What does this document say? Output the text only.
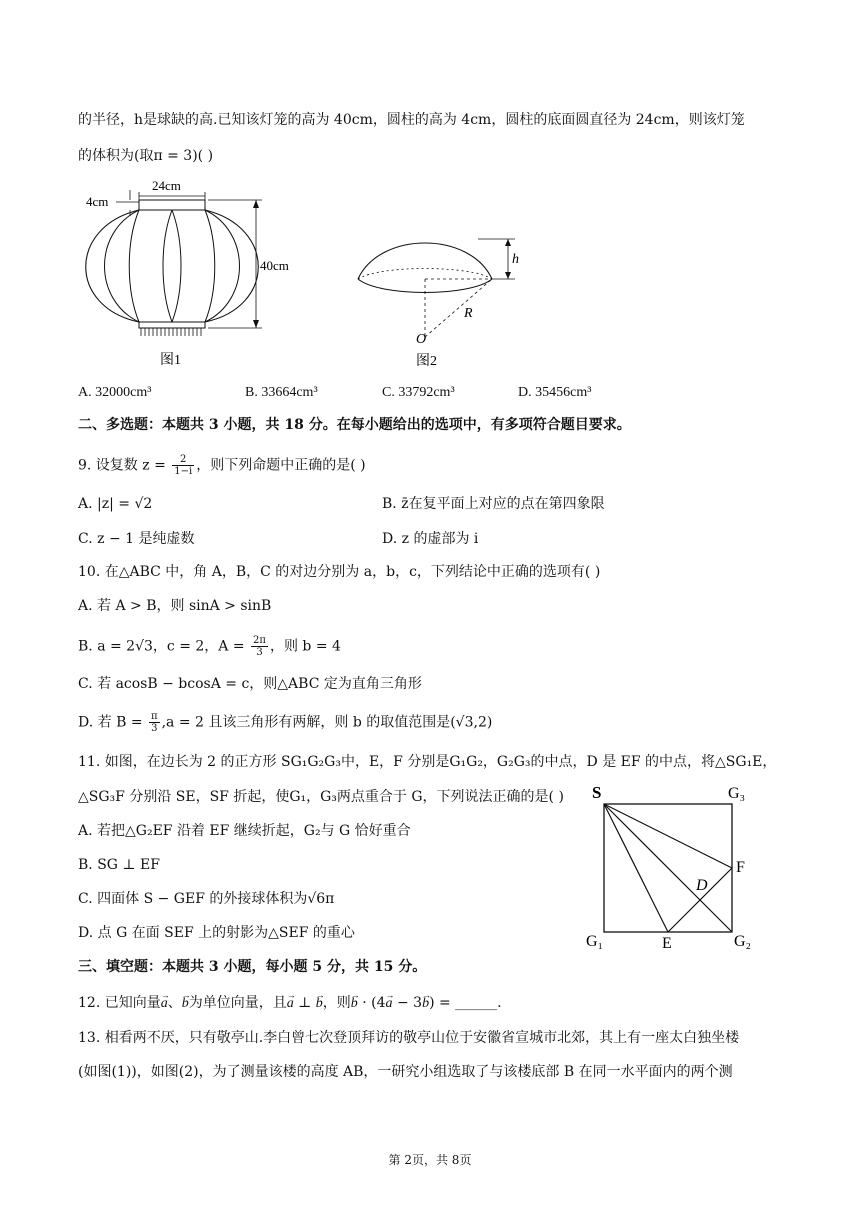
的半径，h是球缺的高.已知该灯笼的高为 40cm，圆柱的高为 4cm，圆柱的底面圆直径为 24cm，则该灯笼
的体积为(取π = 3)( )
24cm
4cm
40cm
图1
h
R
O
图2
A. 32000cm³	B. 33664cm³	C. 33792cm³	D. 35456cm³
二、多选题：本题共 3 小题，共 18 分。在每小题给出的选项中，有多项符合题目要求。
9. 设复数 $z = \frac{2}{1-i}$ ，则下列命题中正确的是( )
A. |z| = √2	B. z̄在复平面上对应的点在第四象限
C. z − 1 是纯虚数	D. z 的虚部为 i
10. 在△ABC 中，角 A，B，C 的对边分别为 a，b，c，下列结论中正确的选项有( )
A. 若 A > B，则 sinA > sinB
B. a = 2√3，c = 2，$A = \frac{2\pi}{3}$ ，则 b = 4
C. 若 acosB − bcosA = c，则△ABC 定为直角三角形
D. 若 $B = \frac{\pi}{3} ,a = 2$ 且该三角形有两解，则 b 的取值范围是(√3,2)
11. 如图，在边长为 2 的正方形 SG₁G₂G₃中，E，F 分别是G₁G₂，G₂G₃的中点，D 是 EF 的中点，将△SG₁E，
△SG₃F 分别沿 SE，SF 折起，使G₁，G₃两点重合于 G，下列说法正确的是( )
A. 若把△G₂EF 沿着 EF 继续折起，G₂与 G 恰好重合
B. SG ⊥ EF
C. 四面体 S − GEF 的外接球体积为√6π
D. 点 G 在面 SEF 上的射影为△SEF 的重心
S	G₃
F
D
G₁	E	G₂
三、填空题：本题共 3 小题，每小题 5 分，共 15 分。
12. 已知向量→ a、→ b为单位向量，且→ a ⊥ → b，则→ b · (4→ a − 3→ b) = ______.
13. 相看两不厌，只有敬亭山.李白曾七次登顶拜访的敬亭山位于安徽省宣城市北郊，其上有一座太白独坐楼
(如图(1))，如图(2)，为了测量该楼的高度 AB，一研究小组选取了与该楼底部 B 在同一水平面内的两个测
第 2页，共 8页
